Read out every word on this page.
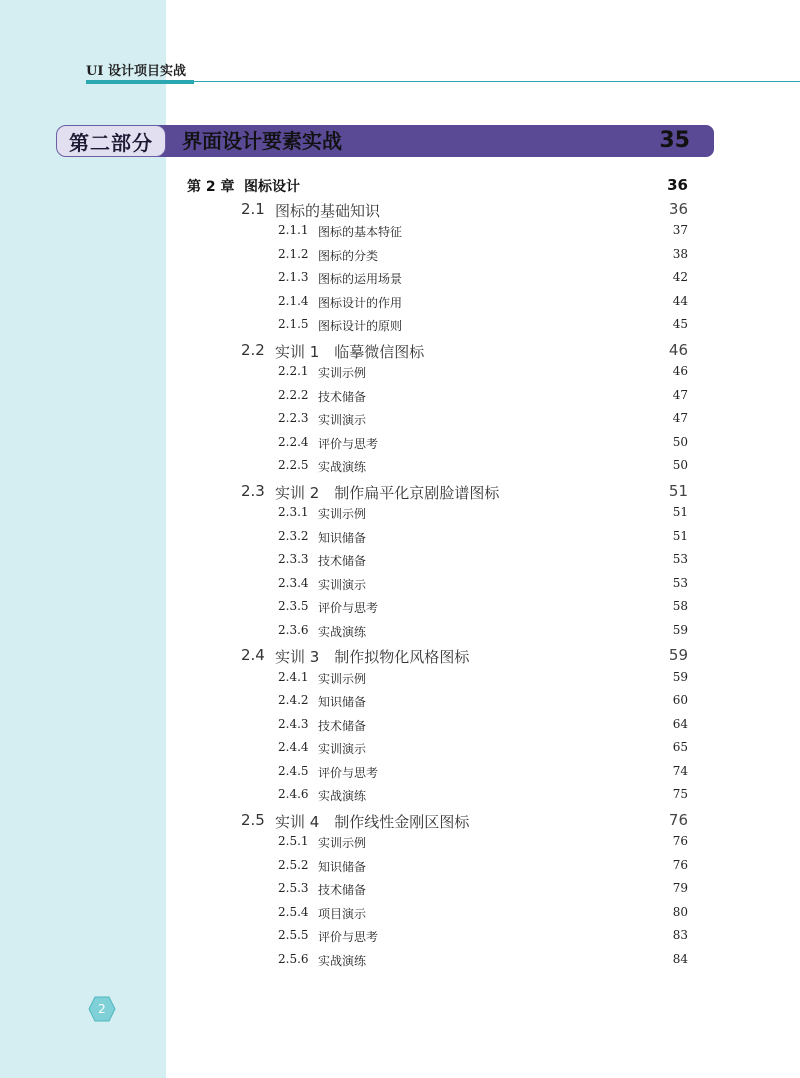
UI 设计项目实战
第二部分	界面设计要素实战	35
第 2 章 图标设计	36
2.1 图标的基础知识	36
2.1.1 图标的基本特征	37
2.1.2 图标的分类	38
2.1.3 图标的运用场景	42
2.1.4 图标设计的作用	44
2.1.5 图标设计的原则	45
2.2 实训 1　临摹微信图标	46
2.2.1 实训示例	46
2.2.2 技术储备	47
2.2.3 实训演示	47
2.2.4 评价与思考	50
2.2.5 实战演练	50
2.3 实训 2　制作扁平化京剧脸谱图标	51
2.3.1 实训示例	51
2.3.2 知识储备	51
2.3.3 技术储备	53
2.3.4 实训演示	53
2.3.5 评价与思考	58
2.3.6 实战演练	59
2.4 实训 3　制作拟物化风格图标	59
2.4.1 实训示例	59
2.4.2 知识储备	60
2.4.3 技术储备	64
2.4.4 实训演示	65
2.4.5 评价与思考	74
2.4.6 实战演练	75
2.5 实训 4　制作线性金刚区图标	76
2.5.1 实训示例	76
2.5.2 知识储备	76
2.5.3 技术储备	79
2.5.4 项目演示	80
2.5.5 评价与思考	83
2.5.6 实战演练	84
2
